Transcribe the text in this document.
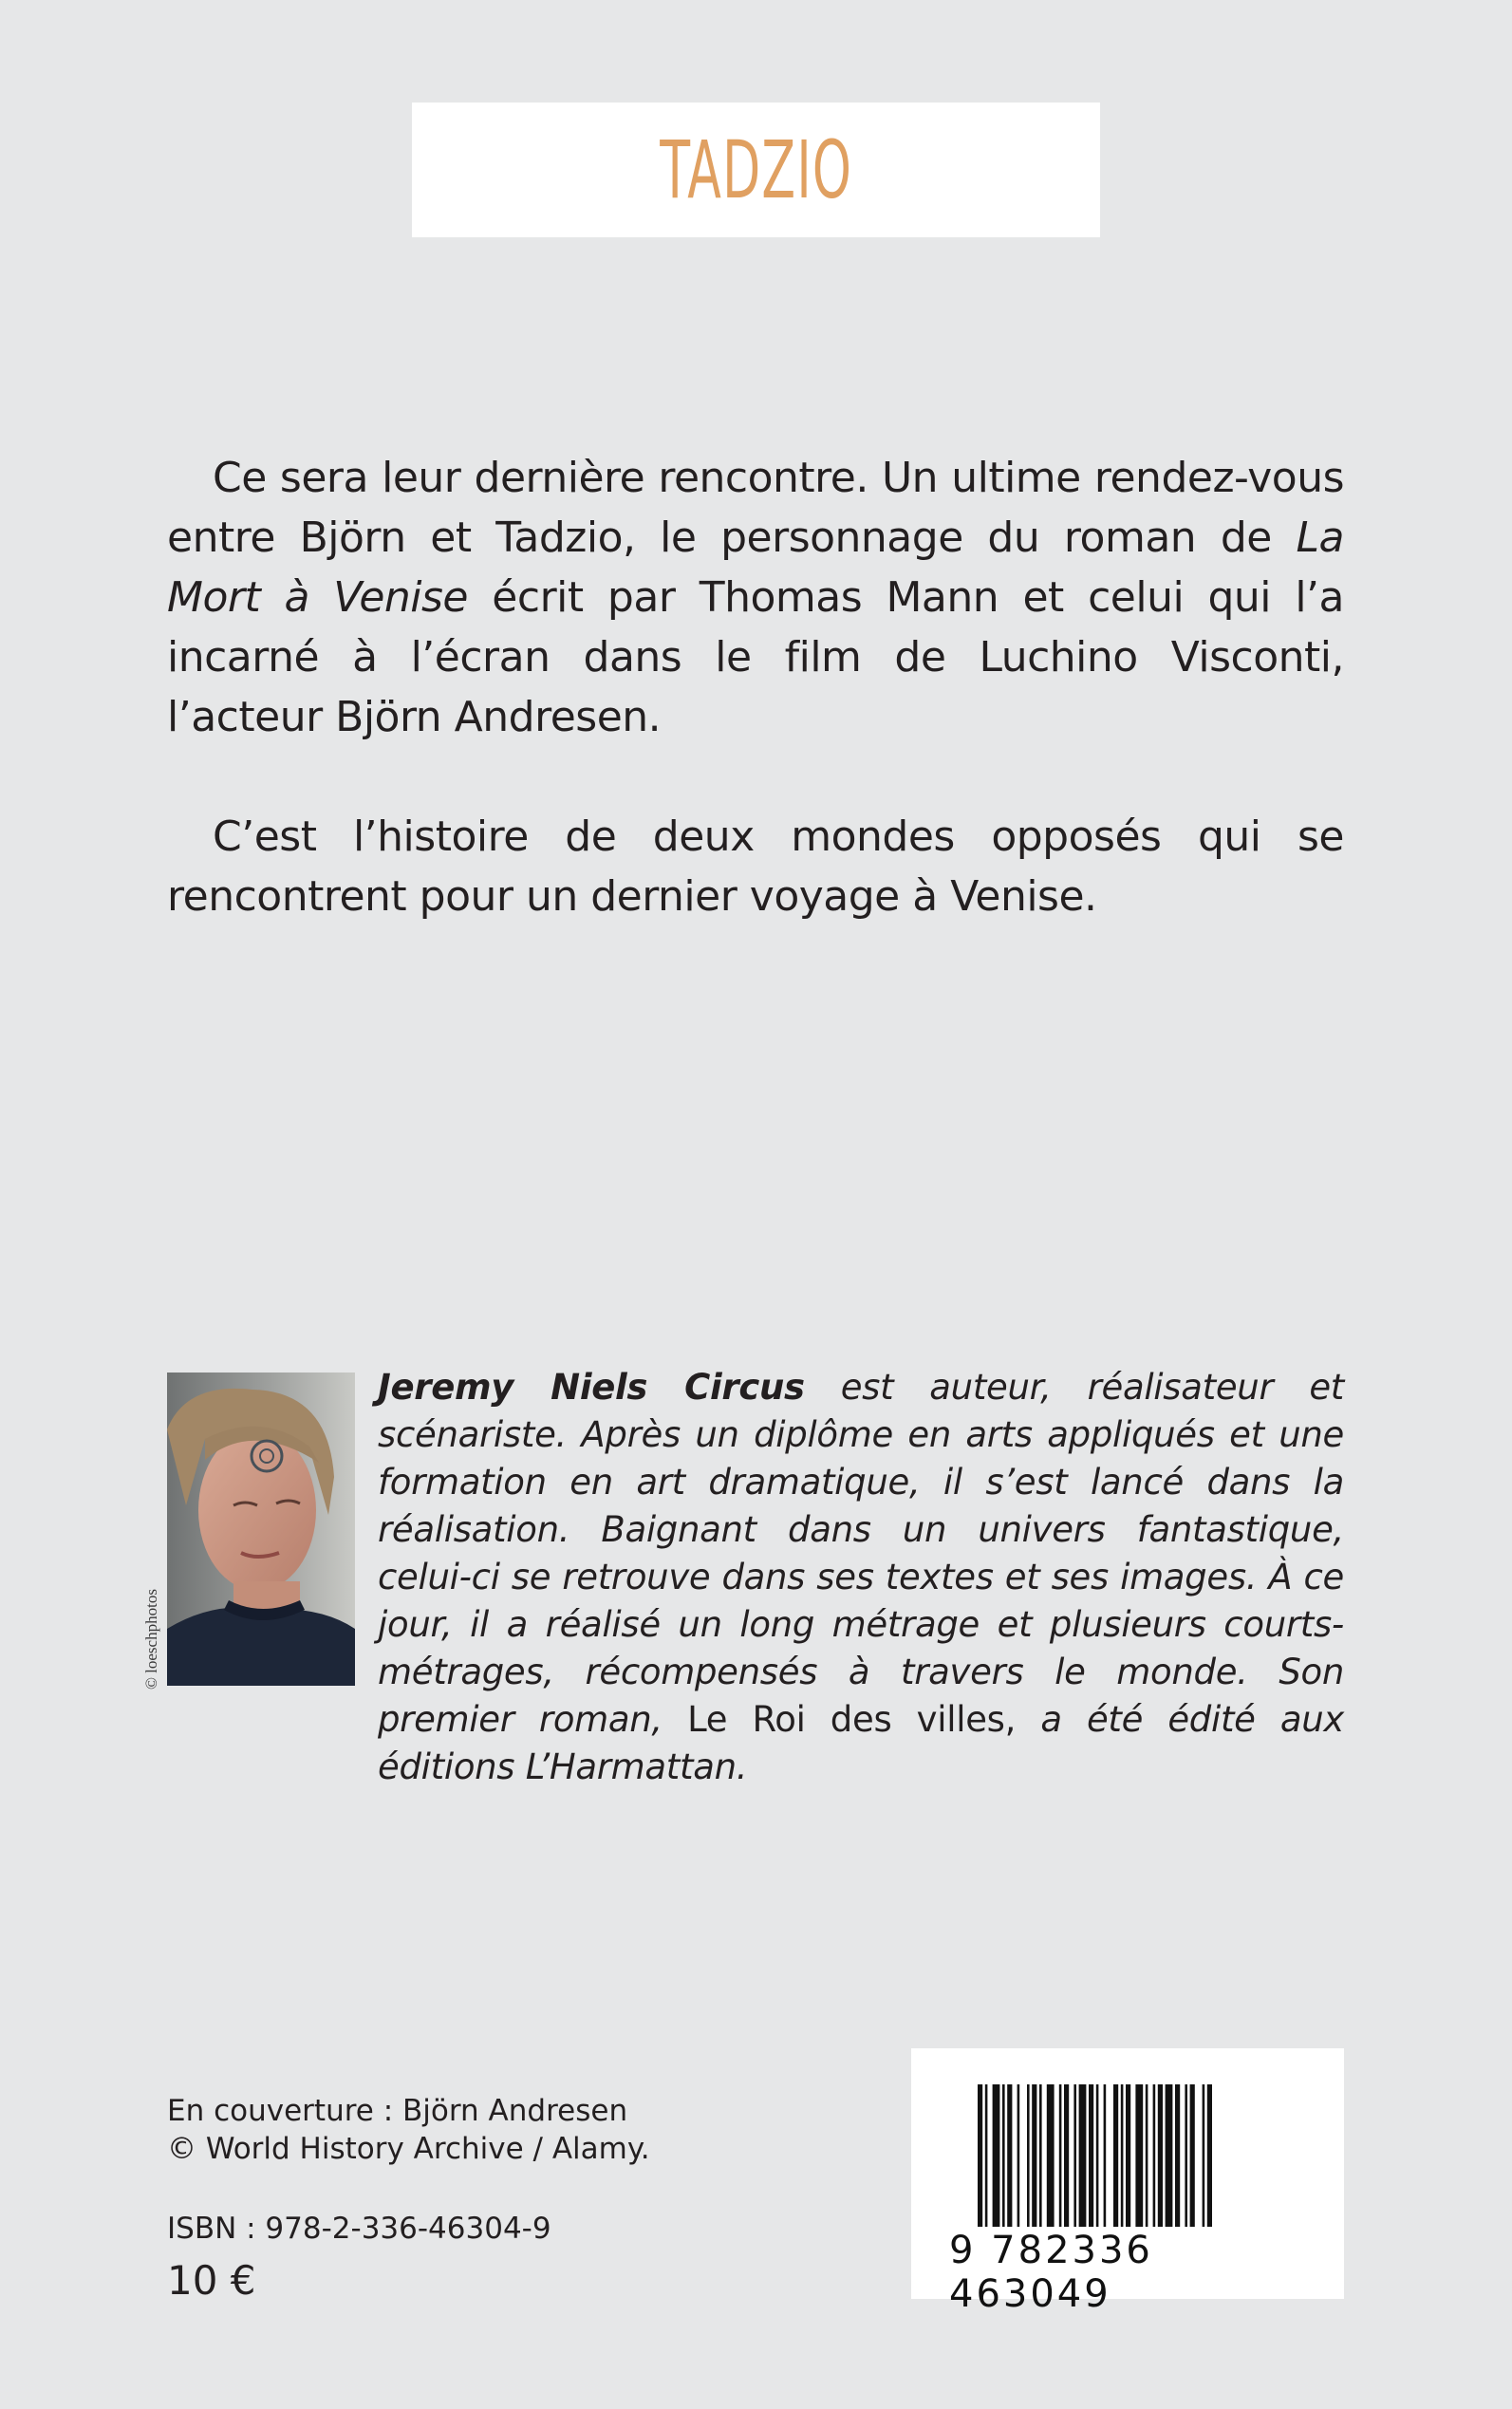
TADZIO

Ce sera leur dernière rencontre. Un ultime rendez-vous entre Björn et Tadzio, le personnage du roman de La Mort à Venise écrit par Thomas Mann et celui qui l’a incarné à l’écran dans le film de Luchino Visconti, l’acteur Björn Andresen.

C’est l’histoire de deux mondes opposés qui se rencontrent pour un dernier voyage à Venise.

© loeschphotos
Jeremy Niels Circus est auteur, réalisateur et scénariste. Après un diplôme en arts appliqués et une formation en art dramatique, il s’est lancé dans la réalisation. Baignant dans un univers fantastique, celui-ci se retrouve dans ses textes et ses images. À ce jour, il a réalisé un long métrage et plusieurs courts-métrages, récompensés à travers le monde. Son premier roman, Le Roi des villes, a été édité aux éditions L’Harmattan.
En couverture : Björn Andresen
© World History Archive / Alamy.
ISBN : 978-2-336-46304-9
10 €
9 782336 463049
